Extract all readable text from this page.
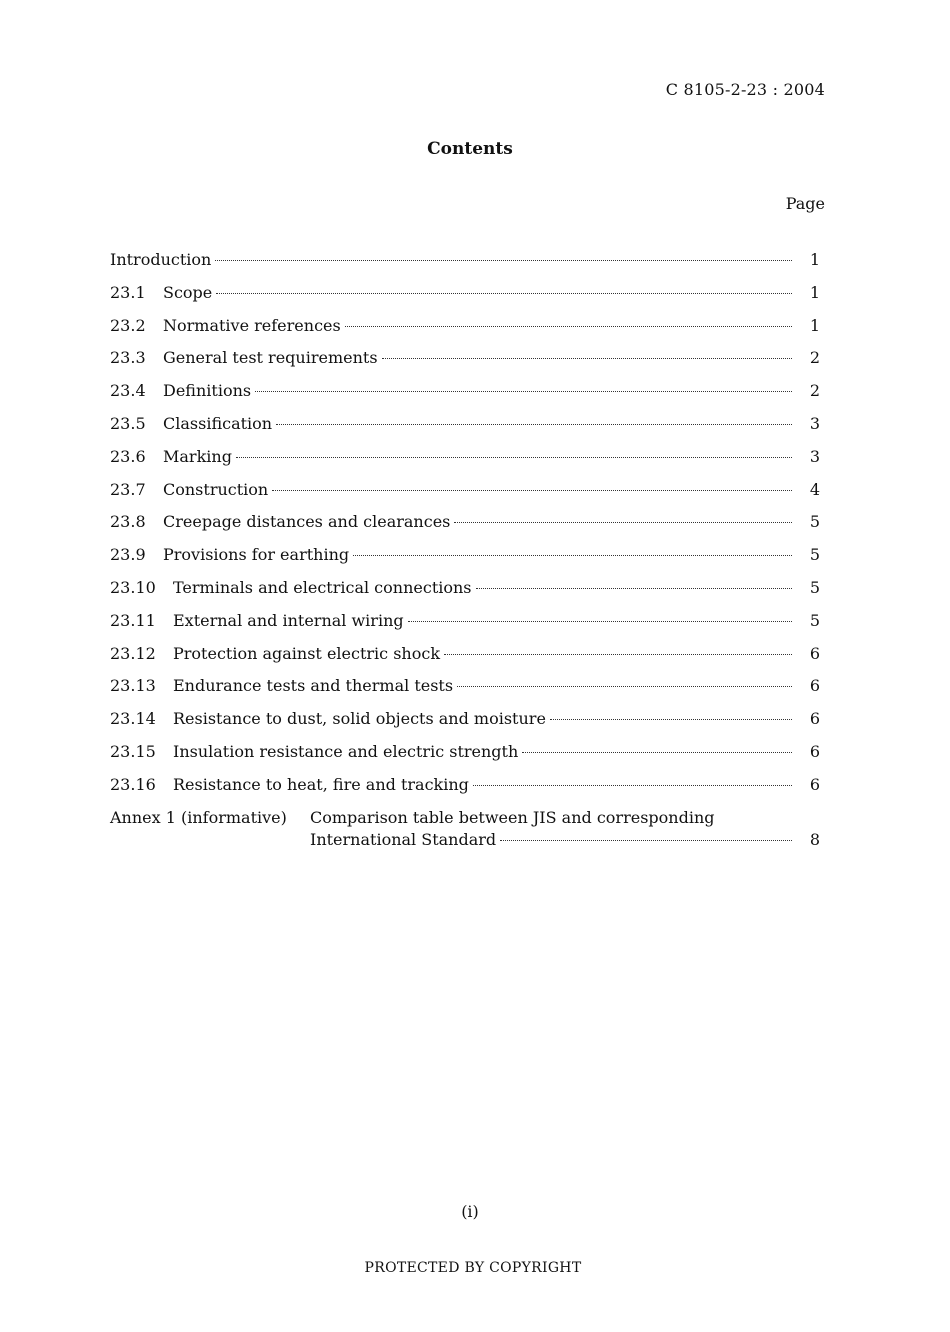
C 8105-2-23 : 2004
Contents
Page
Introduction	1
23.1	Scope	1
23.2	Normative references	1
23.3	General test requirements	2
23.4	Definitions	2
23.5	Classification	3
23.6	Marking	3
23.7	Construction	4
23.8	Creepage distances and clearances	5
23.9	Provisions for earthing	5
23.10	Terminals and electrical connections	5
23.11	External and internal wiring	5
23.12	Protection against electric shock	6
23.13	Endurance tests and thermal tests	6
23.14	Resistance to dust, solid objects and moisture	6
23.15	Insulation resistance and electric strength	6
23.16	Resistance to heat, fire and tracking	6
Annex 1 (informative)	Comparison table between JIS and corresponding
International Standard	8
(i)
PROTECTED BY COPYRIGHT
